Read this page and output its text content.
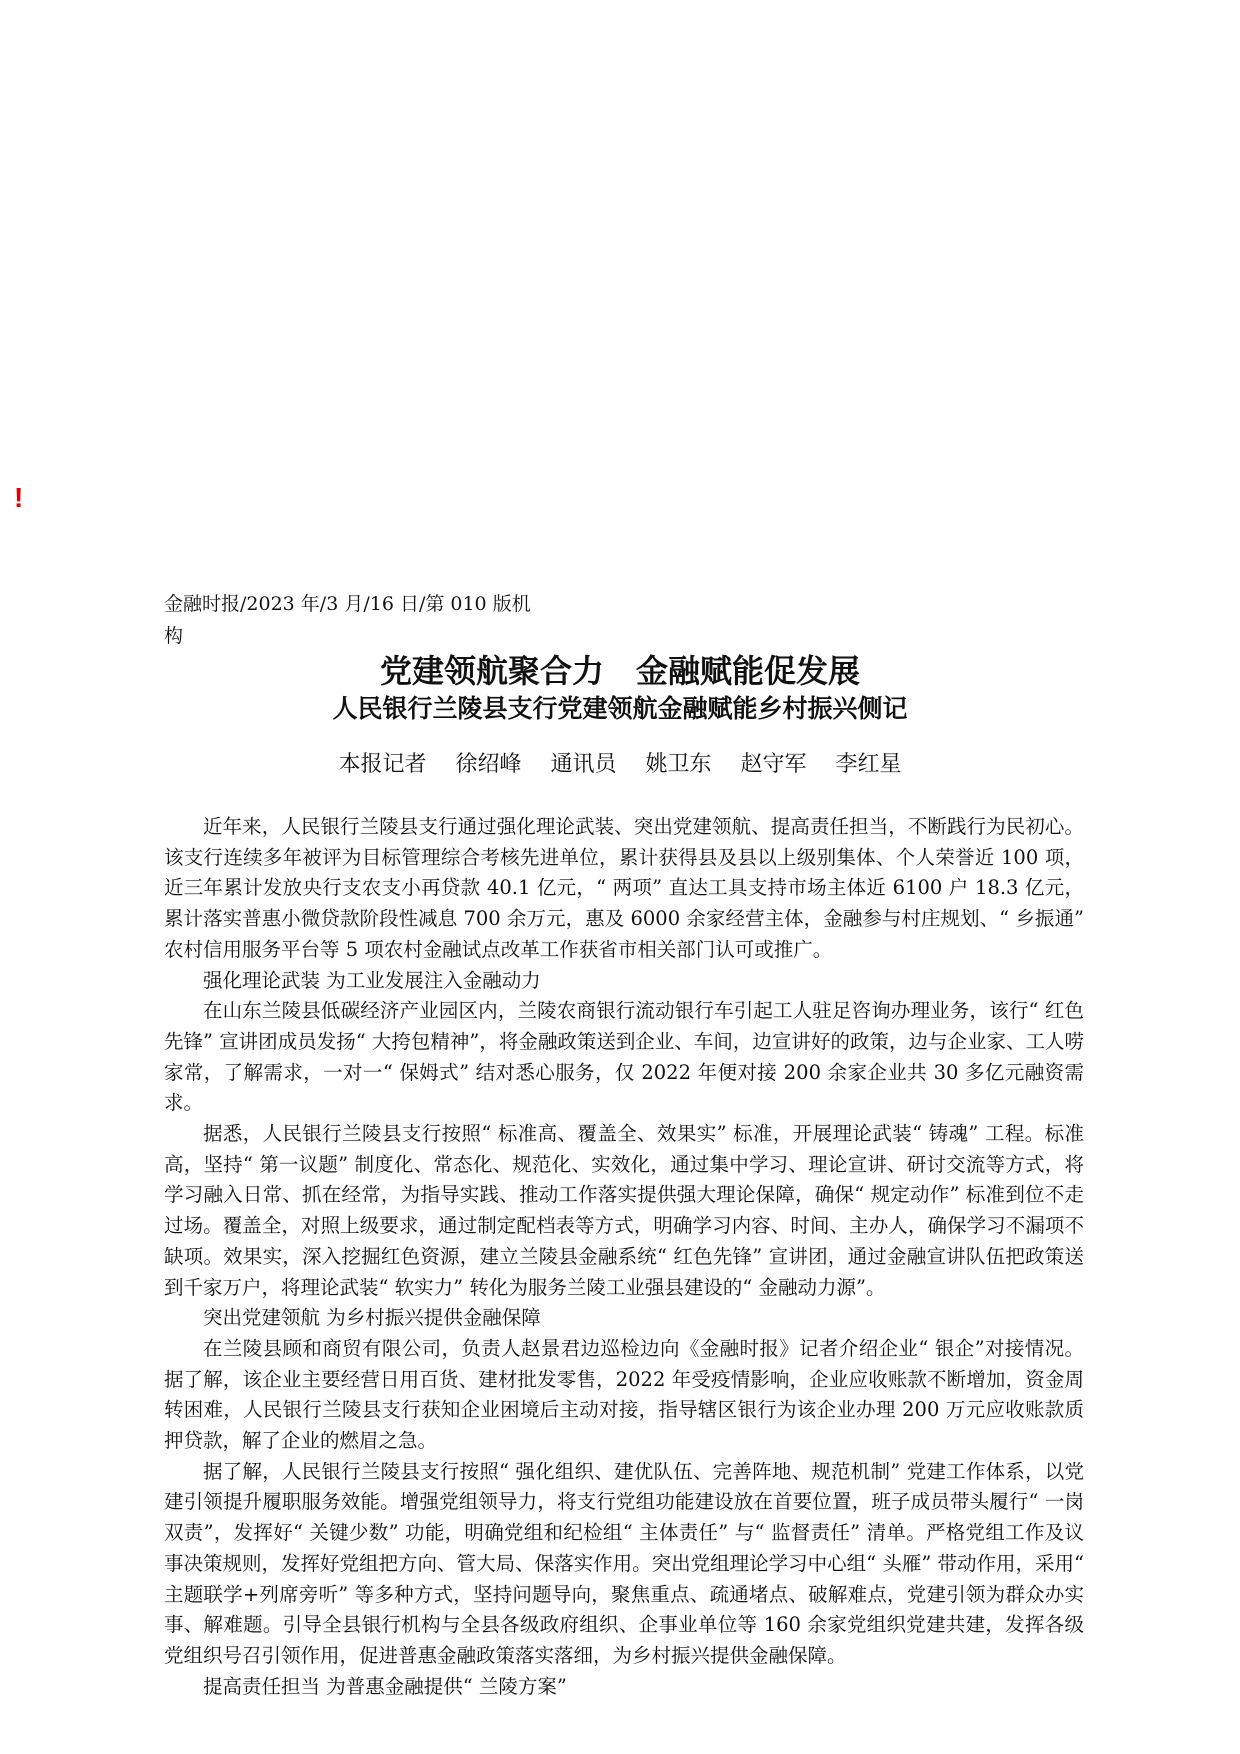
!
金融时报/2023 年/3 月/16 日/第 010 版机构
党建领航聚合力　金融赋能促发展
人民银行兰陵县支行党建领航金融赋能乡村振兴侧记
本报记者　 徐绍峰　 通讯员　 姚卫东　 赵守军　 李红星

近年来，人民银行兰陵县支行通过强化理论武装、突出党建领航、提高责任担当，不断践行为民初心。该支行连续多年被评为目标管理综合考核先进单位，累计获得县及县以上级别集体、个人荣誉近 100 项，近三年累计发放央行支农支小再贷款 40.1 亿元，“ 两项” 直达工具支持市场主体近 6100 户 18.3 亿元，累计落实普惠小微贷款阶段性减息 700 余万元，惠及 6000 余家经营主体，金融参与村庄规划、“ 乡振通” 农村信用服务平台等 5 项农村金融试点改革工作获省市相关部门认可或推广。

强化理论武装 为工业发展注入金融动力

在山东兰陵县低碳经济产业园区内，兰陵农商银行流动银行车引起工人驻足咨询办理业务，该行“ 红色先锋” 宣讲团成员发扬“ 大挎包精神”，将金融政策送到企业、车间，边宣讲好的政策，边与企业家、工人唠家常，了解需求，一对一“ 保姆式” 结对悉心服务，仅 2022 年便对接 200 余家企业共 30 多亿元融资需求。

据悉，人民银行兰陵县支行按照“ 标准高、覆盖全、效果实” 标准，开展理论武装“ 铸魂” 工程。标准高，坚持“ 第一议题” 制度化、常态化、规范化、实效化，通过集中学习、理论宣讲、研讨交流等方式，将学习融入日常、抓在经常，为指导实践、推动工作落实提供强大理论保障，确保“ 规定动作” 标准到位不走过场。覆盖全，对照上级要求，通过制定配档表等方式，明确学习内容、时间、主办人，确保学习不漏项不缺项。效果实，深入挖掘红色资源，建立兰陵县金融系统“ 红色先锋” 宣讲团，通过金融宣讲队伍把政策送到千家万户，将理论武装“ 软实力” 转化为服务兰陵工业强县建设的“ 金融动力源”。

突出党建领航 为乡村振兴提供金融保障

在兰陵县顾和商贸有限公司，负责人赵景君边巡检边向《金融时报》记者介绍企业“ 银企”对接情况。据了解，该企业主要经营日用百货、建材批发零售，2022 年受疫情影响，企业应收账款不断增加，资金周转困难，人民银行兰陵县支行获知企业困境后主动对接，指导辖区银行为该企业办理 200 万元应收账款质押贷款，解了企业的燃眉之急。

据了解，人民银行兰陵县支行按照“ 强化组织、建优队伍、完善阵地、规范机制” 党建工作体系，以党建引领提升履职服务效能。增强党组领导力，将支行党组功能建设放在首要位置，班子成员带头履行“ 一岗双责”，发挥好“ 关键少数” 功能，明确党组和纪检组“ 主体责任” 与“ 监督责任” 清单。严格党组工作及议事决策规则，发挥好党组把方向、管大局、保落实作用。突出党组理论学习中心组“ 头雁” 带动作用，采用“ 主题联学+列席旁听” 等多种方式，坚持问题导向，聚焦重点、疏通堵点、破解难点，党建引领为群众办实事、解难题。引导全县银行机构与全县各级政府组织、企事业单位等 160 余家党组织党建共建，发挥各级党组织号召引领作用，促进普惠金融政策落实落细，为乡村振兴提供金融保障。

提高责任担当 为普惠金融提供“ 兰陵方案”
